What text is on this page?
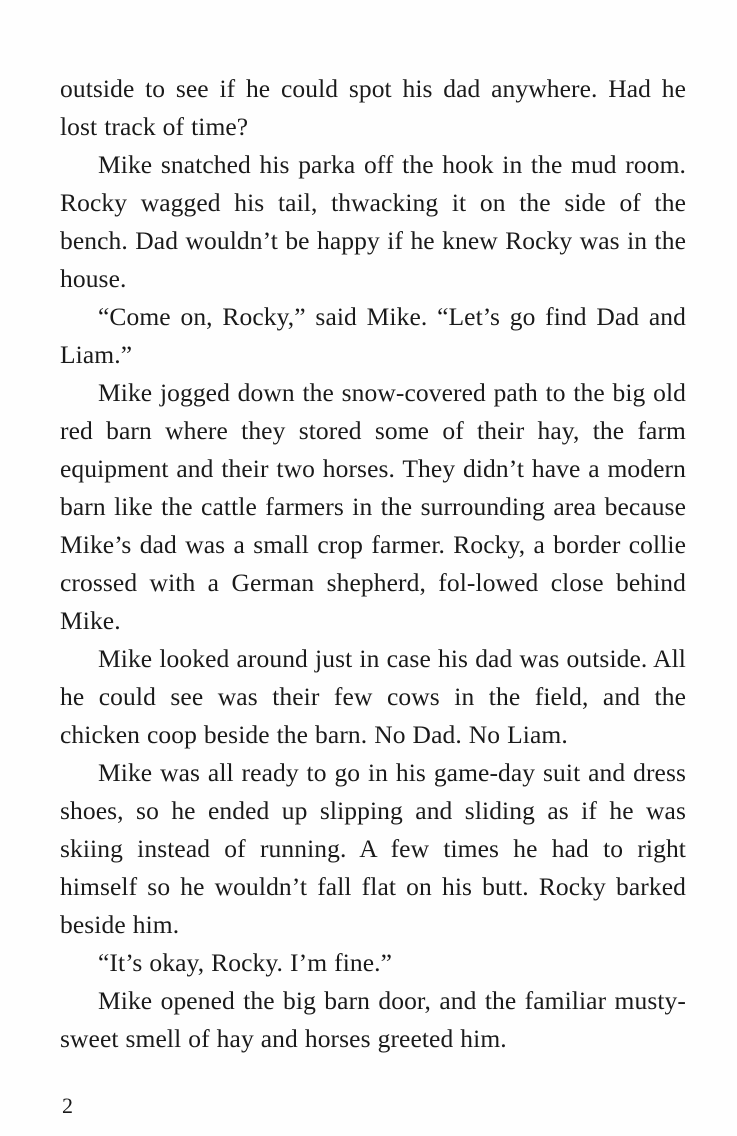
outside to see if he could spot his dad anywhere. Had he lost track of time?

Mike snatched his parka off the hook in the mud room. Rocky wagged his tail, thwacking it on the side of the bench. Dad wouldn’t be happy if he knew Rocky was in the house.

“Come on, Rocky,” said Mike. “Let’s go find Dad and Liam.”

Mike jogged down the snow-covered path to the big old red barn where they stored some of their hay, the farm equipment and their two horses. They didn’t have a modern barn like the cattle farmers in the surrounding area because Mike’s dad was a small crop farmer. Rocky, a border collie crossed with a German shepherd, fol-lowed close behind Mike.

Mike looked around just in case his dad was outside. All he could see was their few cows in the field, and the chicken coop beside the barn. No Dad. No Liam.

Mike was all ready to go in his game-day suit and dress shoes, so he ended up slipping and sliding as if he was skiing instead of running. A few times he had to right himself so he wouldn’t fall flat on his butt. Rocky barked beside him.

“It’s okay, Rocky. I’m fine.”

Mike opened the big barn door, and the familiar musty-sweet smell of hay and horses greeted him.

2
